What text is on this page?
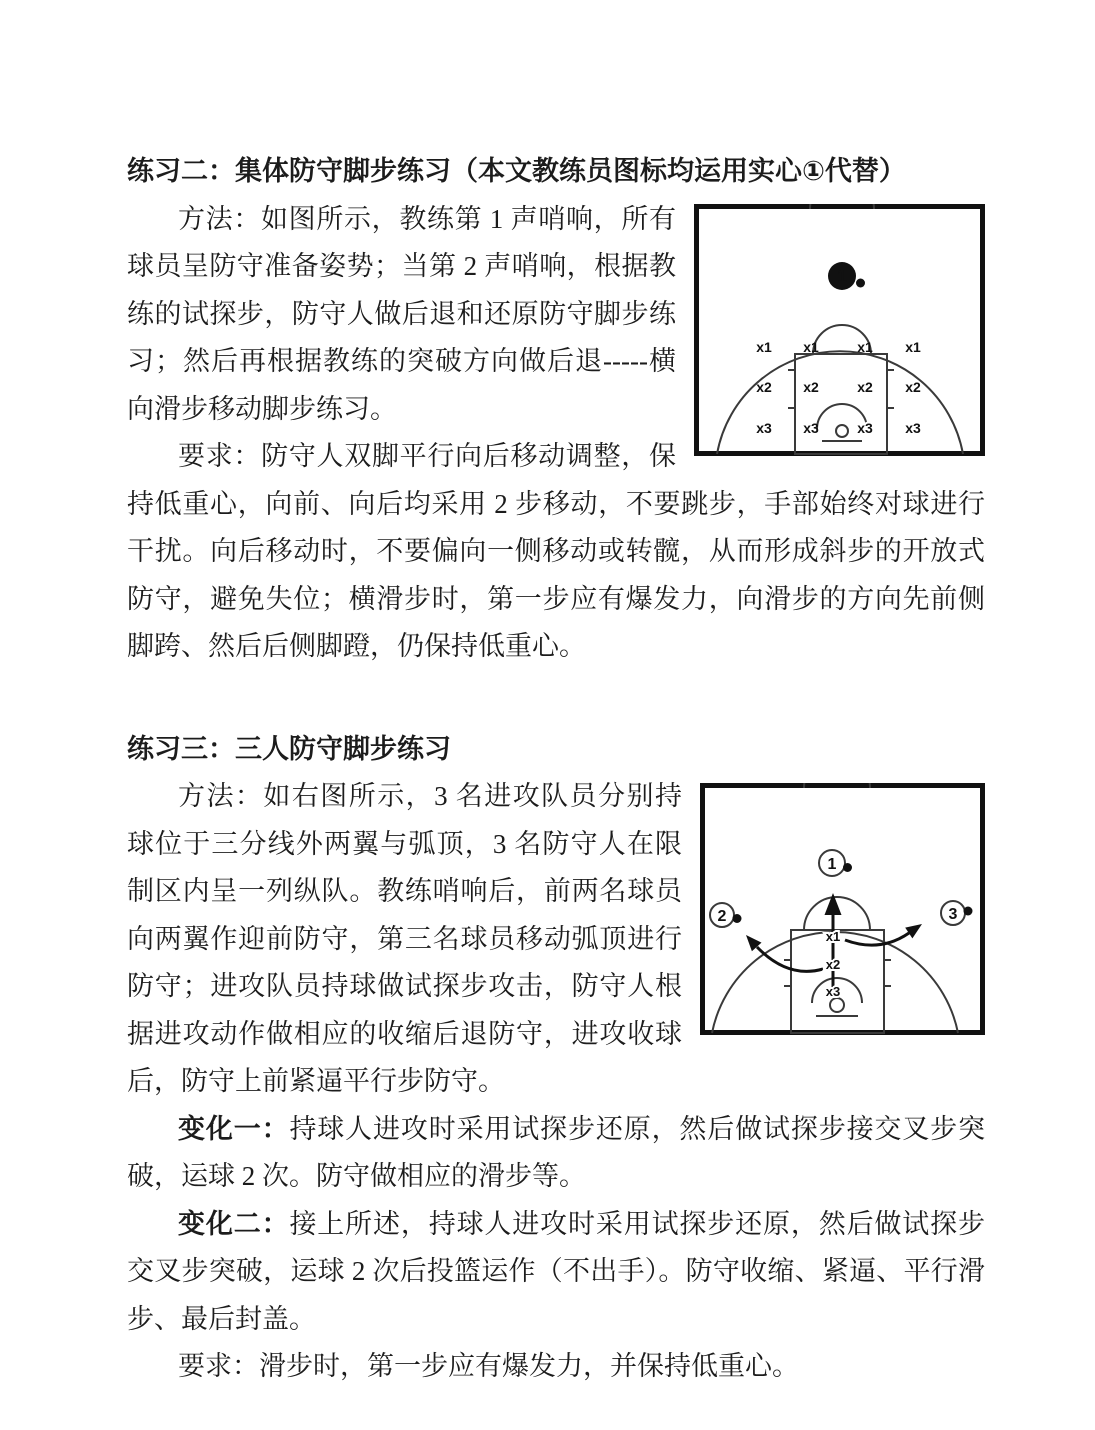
练习二：集体防守脚步练习（本文教练员图标均运用实心①代替）
1
x1 x1	x1 x1
x2 x2	x2 x2
x3 x3	x3 x3

方法：如图所示，教练第 1 声哨响，所有球员呈防守准备姿势；当第 2 声哨响，根据教练的试探步，防守人做后退和还原防守脚步练习；然后再根据教练的突破方向做后退-----横向滑步移动脚步练习。

要求：防守人双脚平行向后移动调整，保持低重心，向前、向后均采用 2 步移动，不要跳步，手部始终对球进行干扰。向后移动时，不要偏向一侧移动或转髋，从而形成斜步的开放式防守，避免失位；横滑步时，第一步应有爆发力，向滑步的方向先前侧脚跨、然后后侧脚蹬，仍保持低重心。

练习三：三人防守脚步练习
1
2	3
x1
x2
x3

方法：如右图所示，3 名进攻队员分别持球位于三分线外两翼与弧顶，3 名防守人在限制区内呈一列纵队。教练哨响后，前两名球员向两翼作迎前防守，第三名球员移动弧顶进行防守；进攻队员持球做试探步攻击，防守人根据进攻动作做相应的收缩后退防守，进攻收球后，防守上前紧逼平行步防守。

变化一：持球人进攻时采用试探步还原，然后做试探步接交叉步突破，运球 2 次。防守做相应的滑步等。

变化二：接上所述，持球人进攻时采用试探步还原，然后做试探步交叉步突破，运球 2 次后投篮运作（不出手）。防守收缩、紧逼、平行滑步、最后封盖。

要求：滑步时，第一步应有爆发力，并保持低重心。
